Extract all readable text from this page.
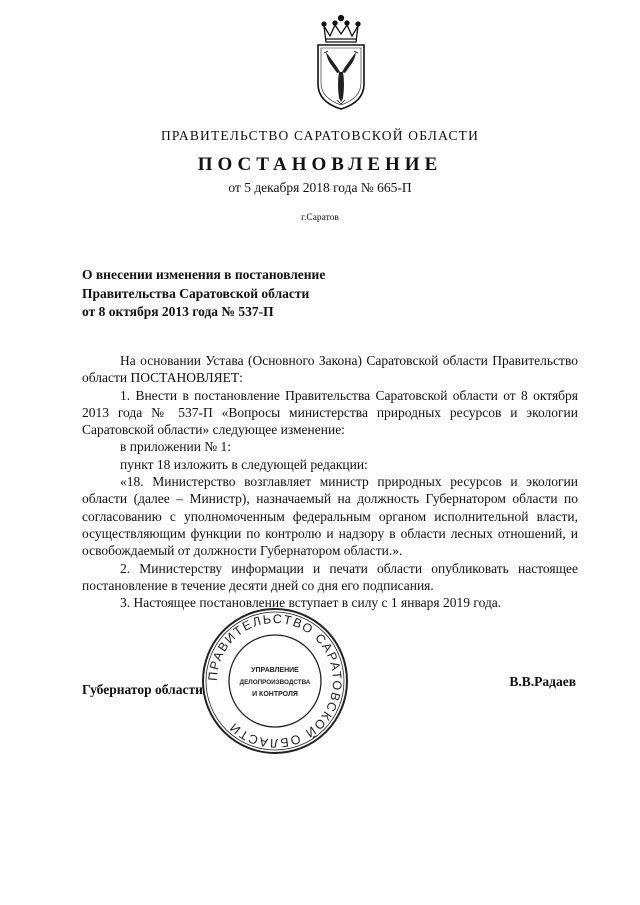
ПРАВИТЕЛЬСТВО САРАТОВСКОЙ ОБЛАСТИ
ПОСТАНОВЛЕНИЕ
от 5 декабря 2018 года № 665-П
г.Саратов
О внесении изменения в постановление
Правительства Саратовской области
от 8 октября 2013 года № 537-П

На основании Устава (Основного Закона) Саратовской области Правительство области ПОСТАНОВЛЯЕТ:

1. Внести в постановление Правительства Саратовской области от 8 октября 2013 года № 537-П «Вопросы министерства природных ресурсов и экологии Саратовской области» следующее изменение:

в приложении № 1:

пункт 18 изложить в следующей редакции:

«18. Министерство возглавляет министр природных ресурсов и экологии области (далее – Министр), назначаемый на должность Губернатором области по согласованию с уполномоченным федеральным органом исполнительной власти, осуществляющим функции по контролю и надзору в области лесных отношений, и освобождаемый от должности Губернатором области.».

2. Министерству информации и печати области опубликовать настоящее постановление в течение десяти дней со дня его подписания.

3. Настоящее постановление вступает в силу с 1 января 2019 года.

Губернатор области
В.В.Радаев
ПРАВИТЕЛЬСТВО САРАТОВСКОЙ ОБЛАСТИ
УПРАВЛЕНИЕ
ДЕЛОПРОИЗВОДСТВА
И КОНТРОЛЯ
